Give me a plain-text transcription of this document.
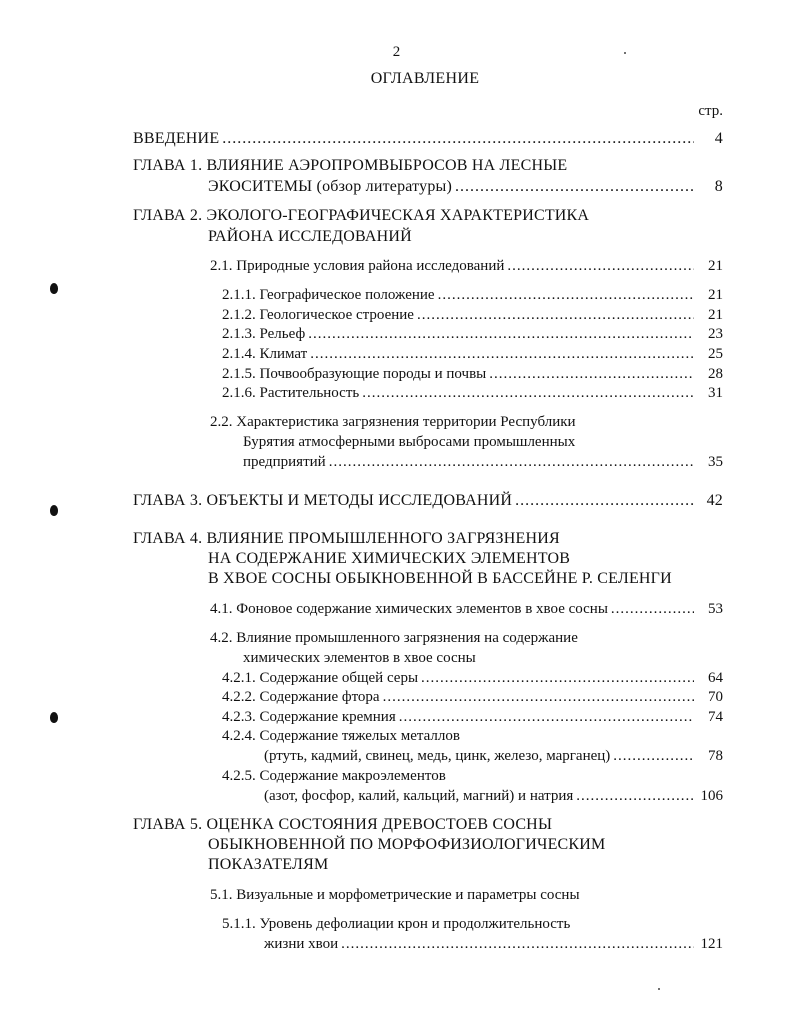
2
ОГЛАВЛЕНИЕ
стр.
ВВЕДЕНИЕ .....	4
ГЛАВА 1. ВЛИЯНИЕ АЭРОПРОМВЫБРОСОВ НА ЛЕСНЫЕ
ЭКОСИТЕМЫ (обзор литературы) .....	8
ГЛАВА 2. ЭКОЛОГО-ГЕОГРАФИЧЕСКАЯ ХАРАКТЕРИСТИКА
РАЙОНА ИССЛЕДОВАНИЙ
2.1. Природные условия района исследований .....	21
2.1.1. Географическое положение .....	21
2.1.2. Геологическое строение .....	21
2.1.3. Рельеф .....	23
2.1.4. Климат .....	25
2.1.5. Почвообразующие породы и почвы .....	28
2.1.6. Растительность .....	31
2.2. Характеристика загрязнения территории Республики
Бурятия атмосферными выбросами промышленных
предприятий .....	35
ГЛАВА 3. ОБЪЕКТЫ И МЕТОДЫ ИССЛЕДОВАНИЙ .....	42
ГЛАВА 4. ВЛИЯНИЕ ПРОМЫШЛЕННОГО ЗАГРЯЗНЕНИЯ
НА СОДЕРЖАНИЕ ХИМИЧЕСКИХ ЭЛЕМЕНТОВ
В ХВОЕ СОСНЫ ОБЫКНОВЕННОЙ В БАССЕЙНЕ Р. СЕЛЕНГИ
4.1. Фоновое содержание химических элементов в хвое сосны .....	53
4.2. Влияние промышленного загрязнения на содержание
химических элементов в хвое сосны
4.2.1. Содержание общей серы .....	64
4.2.2. Содержание фтора .....	70
4.2.3. Содержание кремния .....	74
4.2.4. Содержание тяжелых металлов
(ртуть, кадмий, свинец, медь, цинк, железо, марганец) .....	78
4.2.5. Содержание макроэлементов
(азот, фосфор, калий, кальций, магний) и натрия .....	106
ГЛАВА 5. ОЦЕНКА СОСТОЯНИЯ ДРЕВОСТОЕВ СОСНЫ
ОБЫКНОВЕННОЙ ПО МОРФОФИЗИОЛОГИЧЕСКИМ
ПОКАЗАТЕЛЯМ
5.1. Визуальные и морфометрические и параметры сосны
5.1.1. Уровень дефолиации крон и продолжительность
жизни хвои .....	121
